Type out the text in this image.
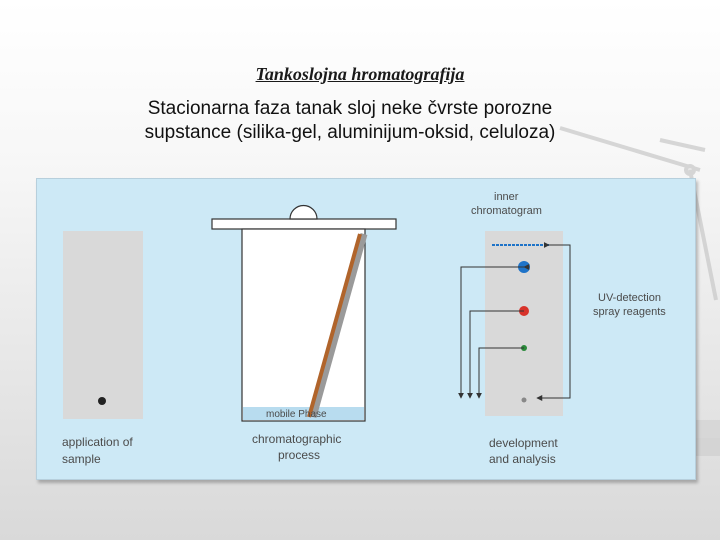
Tankoslojna hromatografija
Stacionarna faza tanak sloj neke čvrste porozne
supstance (silika-gel, aluminijum-oksid, celuloza)
application of
sample
mobile Phase
chromatographic
process
inner
chromatogram
UV-detection
spray reagents
development
and analysis
